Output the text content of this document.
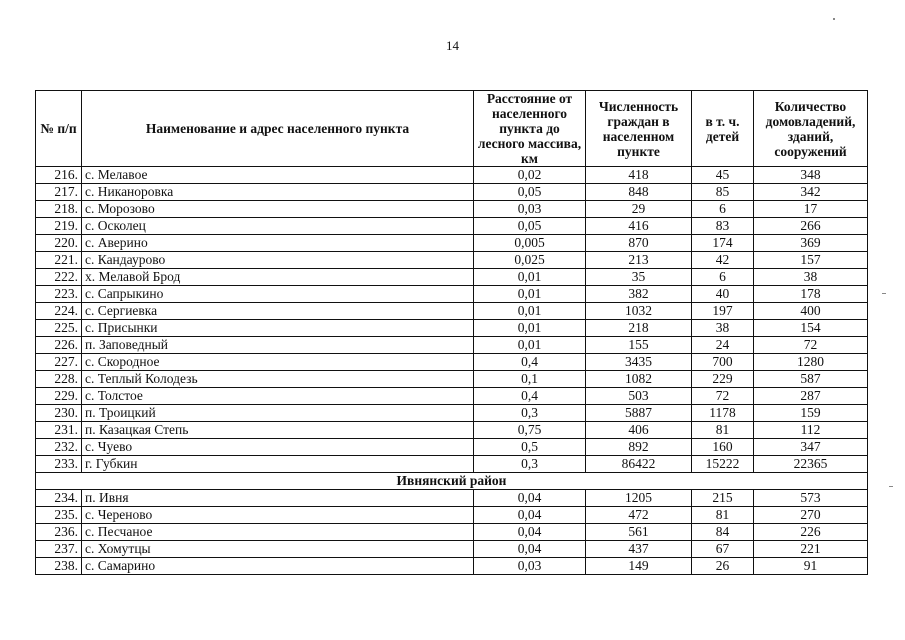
14
№ п/п	Наименование и адрес населенного пункта	Расстояние от населенного пункта до лесного массива, км	Численность граждан в населенном пункте	в т. ч. детей	Количество домовладений, зданий, сооружений
216.	с. Мелавое	0,02	418	45	348
217.	с. Никаноровка	0,05	848	85	342
218.	с. Морозово	0,03	29	6	17
219.	с. Осколец	0,05	416	83	266
220.	с. Аверино	0,005	870	174	369
221.	с. Кандаурово	0,025	213	42	157
222.	х. Мелавой Брод	0,01	35	6	38
223.	с. Сапрыкино	0,01	382	40	178
224.	с. Сергиевка	0,01	1032	197	400
225.	с. Присынки	0,01	218	38	154
226.	п. Заповедный	0,01	155	24	72
227.	с. Скородное	0,4	3435	700	1280
228.	с. Теплый Колодезь	0,1	1082	229	587
229.	с. Толстое	0,4	503	72	287
230.	п. Троицкий	0,3	5887	1178	159
231.	п. Казацкая Степь	0,75	406	81	112
232.	с. Чуево	0,5	892	160	347
233.	г. Губкин	0,3	86422	15222	22365
Ивнянский район					
234.	п. Ивня	0,04	1205	215	573
235.	с. Череново	0,04	472	81	270
236.	с. Песчаное	0,04	561	84	226
237.	с. Хомутцы	0,04	437	67	221
238.	с. Самарино	0,03	149	26	91
